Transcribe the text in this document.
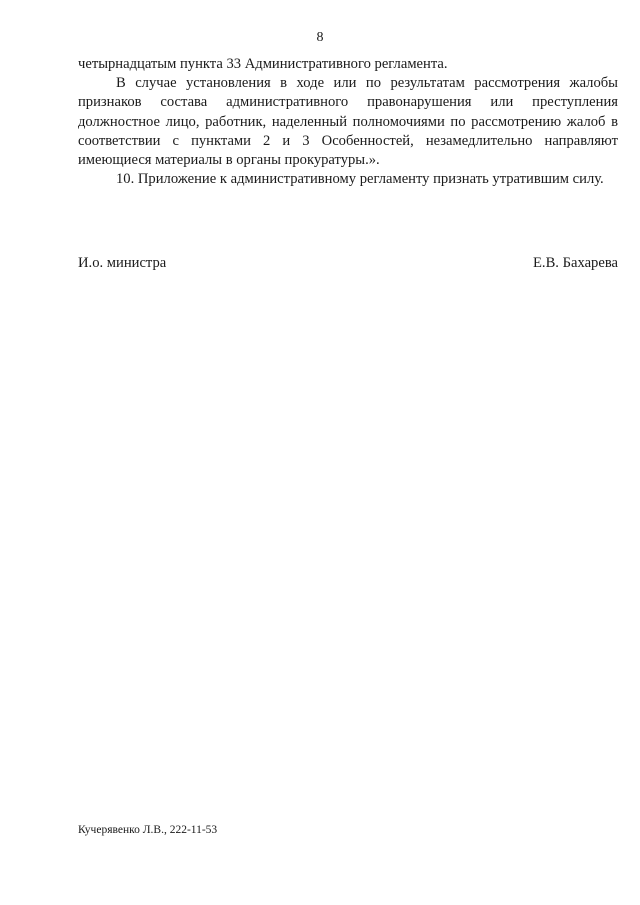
8

четырнадцатым пункта 33 Административного регламента.

В случае установления в ходе или по результатам рассмотрения жалобы признаков состава административного правонарушения или преступления должностное лицо, работник, наделенный полномочиями по рассмотрению жалоб в соответствии с пунктами 2 и 3 Особенностей, незамедлительно направляют имеющиеся материалы в органы прокуратуры.».

10. Приложение к административному регламенту признать утратившим силу.

И.о. министра	Е.В. Бахарева
Кучерявенко Л.В., 222-11-53
